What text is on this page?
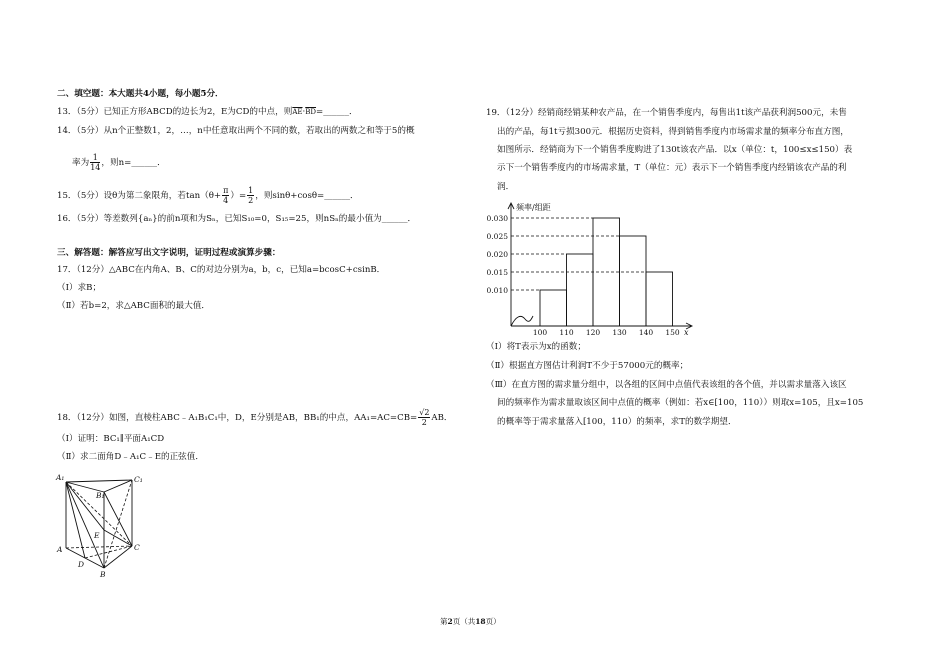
二、填空题：本大题共4小题，每小题5分．
13．（5分）已知正方形ABCD的边长为2，E为CD的中点，则$\overline{AE}\cdot\overline{BD}=\_\_\_\_\_\_$．
14．（5分）从n个正整数1，2，…，n中任意取出两个不同的数，若取出的两数之和等于5的概
率为 $\frac{1}{14}$ ，则n=______．
15．（5分）设θ为第二象限角，若$\tan(\theta+ \frac{\pi}{4}$ ）= $\frac{1}{2}$ ，则sinθ+cosθ=______．
16．（5分）等差数列{aₙ}的前n项和为Sₙ，已知S₁₀=0，S₁₅=25，则nSₙ的最小值为______．
三、解答题：解答应写出文字说明，证明过程或演算步骤：
17．（12分）△ABC在内角A、B、C的对边分别为a，b，c，已知a=bcosC+csinB．
（Ⅰ）求B；
（Ⅱ）若b=2，求△ABC面积的最大值．
18．（12分）如图，直棱柱ABC﹣A₁B₁C₁中，D，E分别是AB，BB₁的中点，$AA_1=AC=CB= \frac{√2}{2}$ AB．
（Ⅰ）证明：BC₁∥平面A₁CD
（Ⅱ）求二面角D﹣A₁C﹣E的正弦值．
A₁
B₁
C₁
A
B
C
D
E
19．（12分）经销商经销某种农产品，在一个销售季度内，每售出1t该产品获利润500元，未售
出的产品，每1t亏损300元．根据历史资料，得到销售季度内市场需求量的频率分布直方图，
如图所示．经销商为下一个销售季度购进了130t该农产品．以x（单位：t，100≤x≤150）表
示下一个销售季度内的市场需求量，T（单位：元）表示下一个销售季度内经销该农产品的利
润．
频率/组距
x
0.010
0.015
0.020
0.025
0.030
100 110 120 130 140 150
（Ⅰ）将T表示为x的函数；
（Ⅱ）根据直方图估计利润T不少于57000元的概率；
（Ⅲ）在直方图的需求量分组中，以各组的区间中点值代表该组的各个值，并以需求量落入该区
间的频率作为需求量取该区间中点值的概率（例如：若x∈[100，110））则取x=105，且x=105
的概率等于需求量落入[100，110）的频率，求T的数学期望．
第2页（共18页）
